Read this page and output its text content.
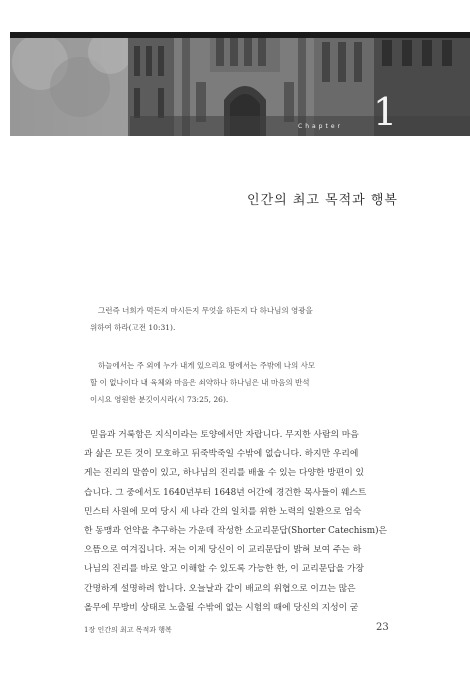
Chapter 1
인간의 최고 목적과 행복
그런즉 너희가 먹든지 마시든지 무엇을 하든지 다 하나님의 영광을
위하여 하라(고전 10:31).
하늘에서는 주 외에 누가 내게 있으리요 땅에서는 주밖에 나의 사모
할 이 없나이다 내 육체와 마음은 쇠약하나 하나님은 내 마음의 반석
이시요 영원한 분깃이시라(시 73:25, 26).
믿음과 거룩함은 지식이라는 토양에서만 자랍니다. 무지한 사람의 마음
과 삶은 모든 것이 모호하고 뒤죽박죽일 수밖에 없습니다. 하지만 우리에
게는 진리의 말씀이 있고, 하나님의 진리를 배울 수 있는 다양한 방편이 있
습니다. 그 중에서도 1640년부터 1648년 어간에 경건한 목사들이 웨스트
민스터 사원에 모여 당시 세 나라 간의 일치를 위한 노력의 일환으로 엄숙
한 동맹과 언약을 추구하는 가운데 작성한 소교리문답(Shorter Catechism)은
으뜸으로 여겨집니다. 저는 이제 당신이 이 교리문답이 밝혀 보여 주는 하
나님의 진리를 바로 알고 이해할 수 있도록 가능한 한, 이 교리문답을 가장
간명하게 설명하려 합니다. 오늘날과 같이 배교의 위협으로 이끄는 많은
올무에 무방비 상태로 노출될 수밖에 없는 시험의 때에 당신의 지성이 굳
1장 인간의 최고 목적과 행복	23
